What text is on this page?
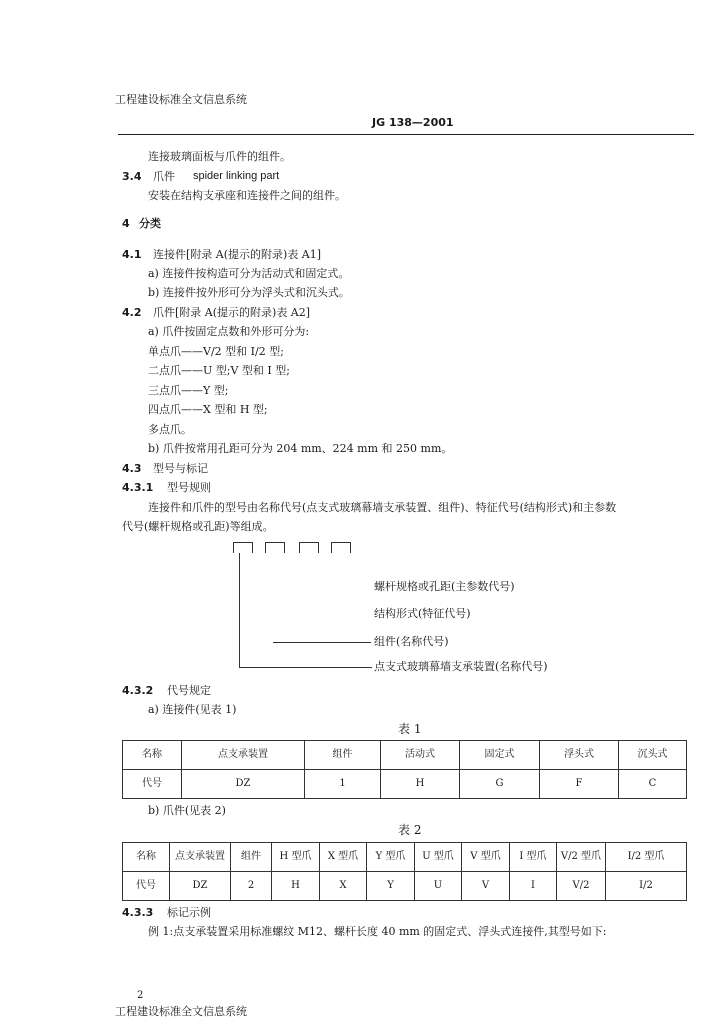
工程建设标准全文信息系统
JG 138—2001
连接玻璃面板与爪件的组件。
3.4 爪件 spider linking part
安装在结构支承座和连接件之间的组件。
4 分类
4.1 连接件[附录 A(提示的附录)表 A1]
a) 连接件按构造可分为活动式和固定式。
b) 连接件按外形可分为浮头式和沉头式。
4.2 爪件[附录 A(提示的附录)表 A2]
a) 爪件按固定点数和外形可分为:
单点爪——V/2 型和 I/2 型;
二点爪——U 型;V 型和 I 型;
三点爪——Y 型;
四点爪——X 型和 H 型;
多点爪。
b) 爪件按常用孔距可分为 204 mm、224 mm 和 250 mm。
4.3 型号与标记
4.3.1 型号规则
连接件和爪件的型号由名称代号(点支式玻璃幕墙支承装置、组件)、特征代号(结构形式)和主参数
代号(螺杆规格或孔距)等组成。
螺杆规格或孔距(主参数代号)
结构形式(特征代号)
组件(名称代号)
点支式玻璃幕墙支承装置(名称代号)
4.3.2 代号规定
a) 连接件(见表 1)
表 1
名称	点支承装置	组件	活动式	固定式	浮头式	沉头式
代号	DZ	1	H	G	F	C
b) 爪件(见表 2)
表 2
名称	点支承装置	组件	H 型爪	X 型爪	Y 型爪	U 型爪	V 型爪	I 型爪	V/2 型爪	I/2 型爪
代号	DZ	2	H	X	Y	U	V	I	V/2	I/2
4.3.3 标记示例
例 1:点支承装置采用标准螺纹 M12、螺杆长度 40 mm 的固定式、浮头式连接件,其型号如下:
2
工程建设标准全文信息系统
